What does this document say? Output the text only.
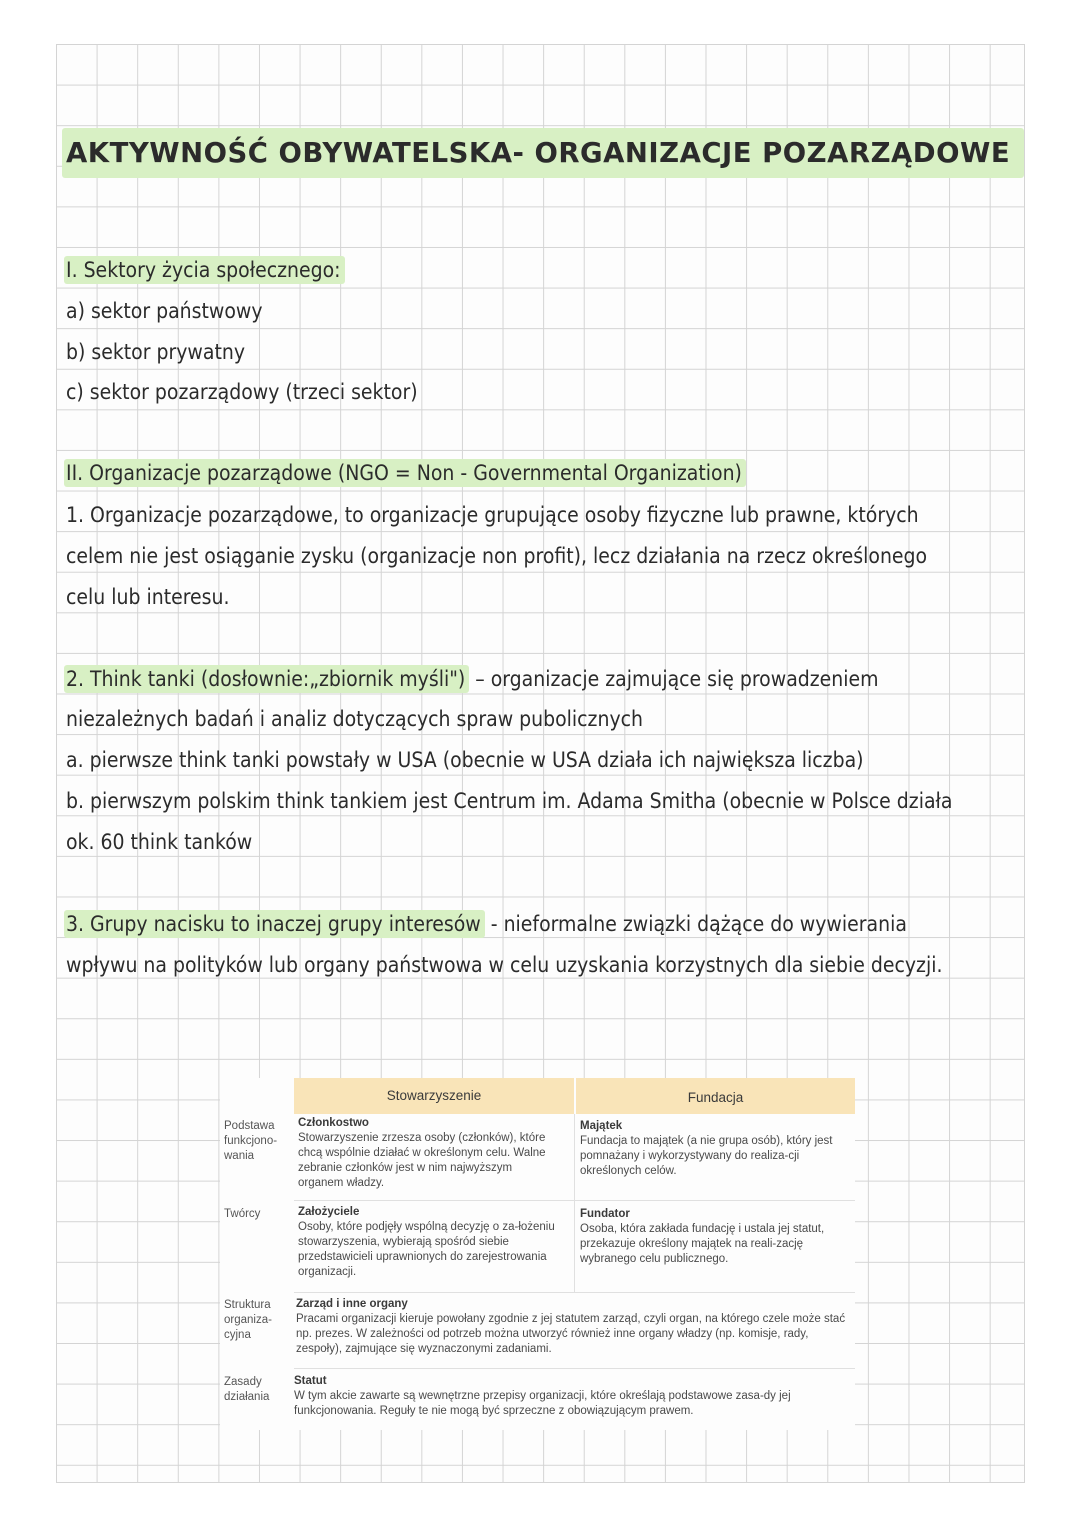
AKTYWNOŚĆ OBYWATELSKA- ORGANIZACJE POZARZĄDOWE
I. Sektory życia społecznego:
a) sektor państwowy
b) sektor prywatny
c) sektor pozarządowy (trzeci sektor)
II. Organizacje pozarządowe (NGO = Non - Governmental Organization)
1. Organizacje pozarządowe, to organizacje grupujące osoby fizyczne lub prawne, których
celem nie jest osiąganie zysku (organizacje non profit), lecz działania na rzecz określonego
celu lub interesu.
2. Think tanki (dosłownie:„zbiornik myśli") – organizacje zajmujące się prowadzeniem
niezależnych badań i analiz dotyczących spraw pubolicznych
a. pierwsze think tanki powstały w USA (obecnie w USA działa ich największa liczba)
b. pierwszym polskim think tankiem jest Centrum im. Adama Smitha (obecnie w Polsce działa
ok. 60 think tanków
3. Grupy nacisku to inaczej grupy interesów - nieformalne związki dążące do wywierania
wpływu na polityków lub organy państwowa w celu uzyskania korzystnych dla siebie decyzji.
Stowarzyszenie	Fundacja
Podstawa funkcjono-wania
Członkostwo
Stowarzyszenie zrzesza osoby (członków), które chcą wspólnie działać w określonym celu. Walne zebranie członków jest w nim najwyższym organem władzy.
Majątek
Fundacja to majątek (a nie grupa osób), który jest pomnażany i wykorzystywany do realiza-cji określonych celów.
Twórcy	Założyciele
Osoby, które podjęły wspólną decyzję o za-łożeniu stowarzyszenia, wybierają spośród siebie przedstawicieli uprawnionych do zarejestrowania organizacji.
Fundator
Osoba, która zakłada fundację i ustala jej statut, przekazuje określony majątek na reali-zację wybranego celu publicznego.
Struktura organiza-cyjna
Zarząd i inne organy
Pracami organizacji kieruje powołany zgodnie z jej statutem zarząd, czyli organ, na którego czele może stać np. prezes. W zależności od potrzeb można utworzyć również inne organy władzy (np. komisje, rady, zespoły), zajmujące się wyznaczonymi zadaniami.
Zasady działania
Statut
W tym akcie zawarte są wewnętrzne przepisy organizacji, które określają podstawowe zasa-dy jej funkcjonowania. Reguły te nie mogą być sprzeczne z obowiązującym prawem.
